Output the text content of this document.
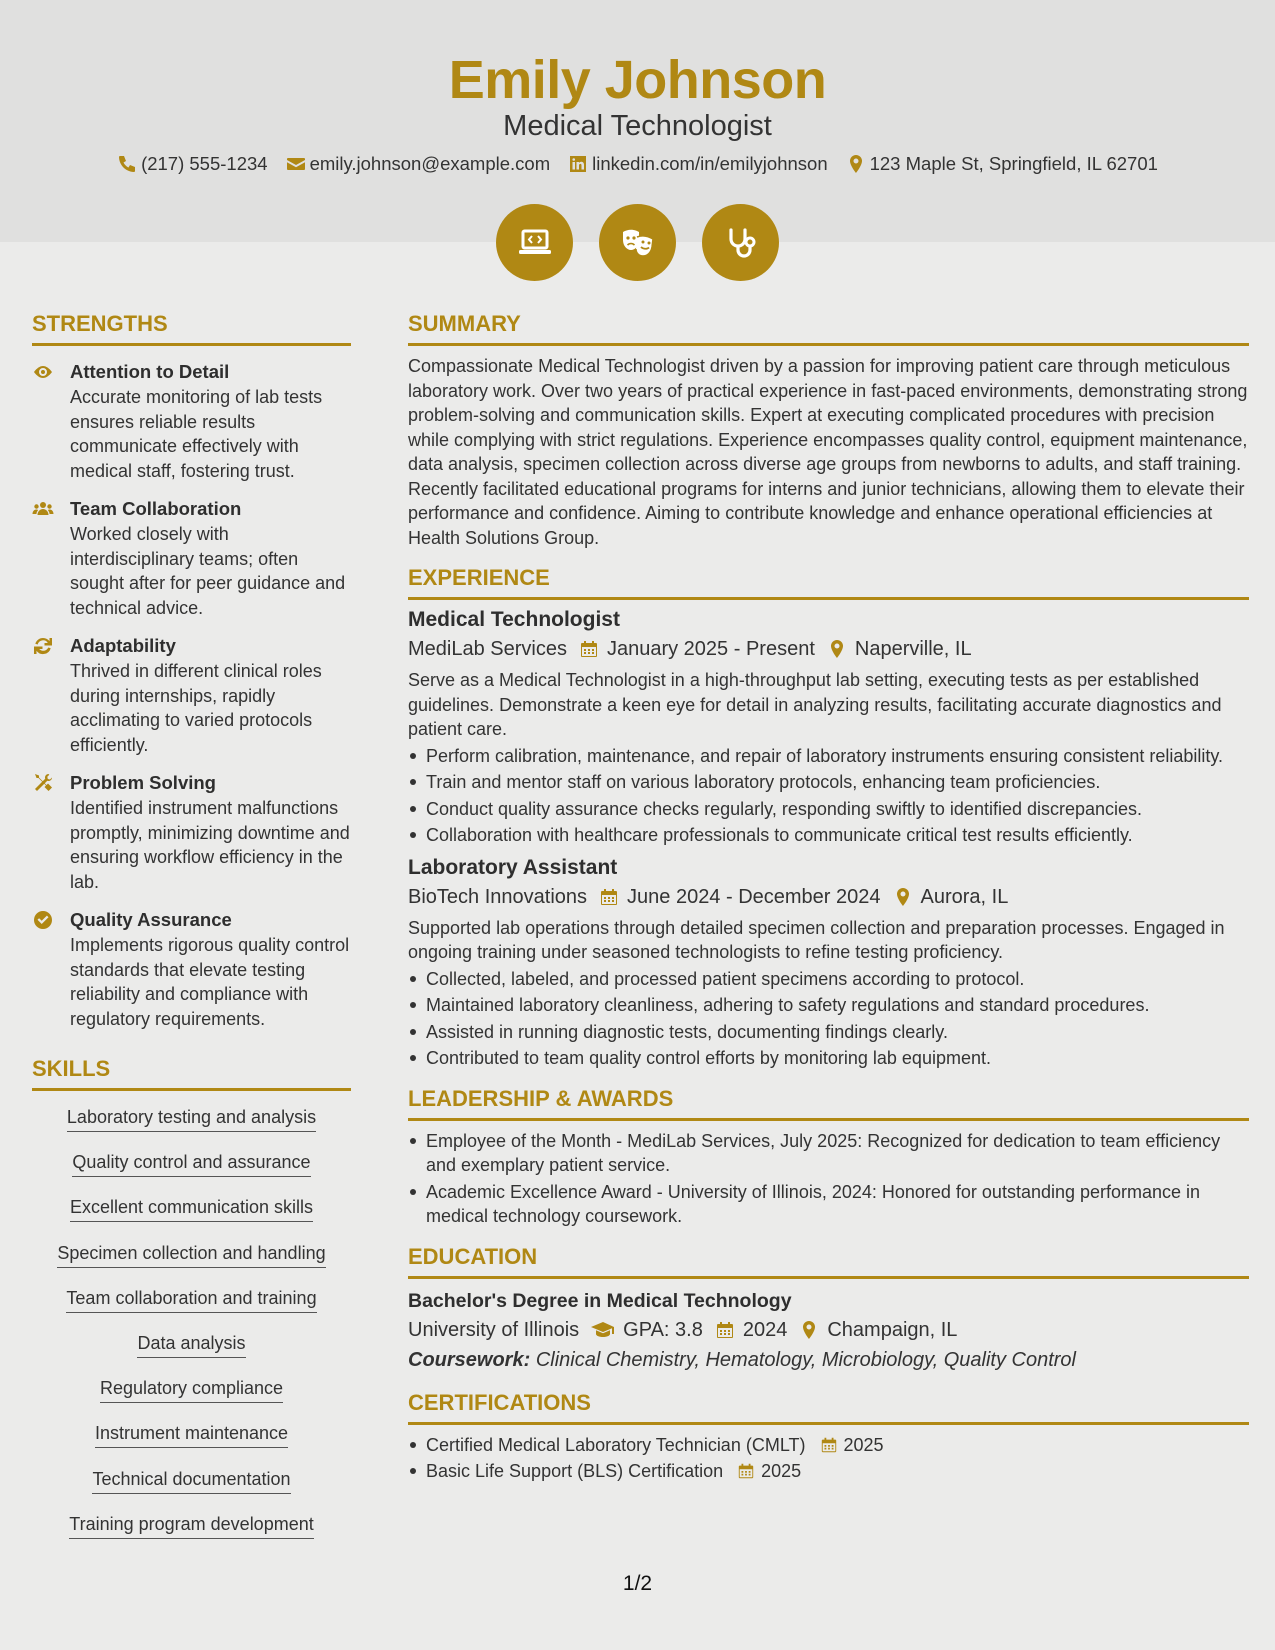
Emily Johnson
Medical Technologist
(217) 555-1234 emily.johnson@example.com linkedin.com/in/emilyjohnson 123 Maple St, Springfield, IL 62701
STRENGTHS
Attention to Detail
Accurate monitoring of lab tests ensures reliable results communicate effectively with medical staff, fostering trust.
Team Collaboration
Worked closely with interdisciplinary teams; often sought after for peer guidance and technical advice.
Adaptability
Thrived in different clinical roles during internships, rapidly acclimating to varied protocols efficiently.
Problem Solving
Identified instrument malfunctions promptly, minimizing downtime and ensuring workflow efficiency in the lab.
Quality Assurance
Implements rigorous quality control standards that elevate testing reliability and compliance with regulatory requirements.
SKILLS
Laboratory testing and analysis
Quality control and assurance
Excellent communication skills
Specimen collection and handling
Team collaboration and training
Data analysis
Regulatory compliance
Instrument maintenance
Technical documentation
Training program development
SUMMARY
Compassionate Medical Technologist driven by a passion for improving patient care through meticulous laboratory work. Over two years of practical experience in fast-paced environments, demonstrating strong problem-solving and communication skills. Expert at executing complicated procedures with precision while complying with strict regulations. Experience encompasses quality control, equipment maintenance, data analysis, specimen collection across diverse age groups from newborns to adults, and staff training. Recently facilitated educational programs for interns and junior technicians, allowing them to elevate their performance and confidence. Aiming to contribute knowledge and enhance operational efficiencies at Health Solutions Group.
EXPERIENCE
Medical Technologist
MediLab Services January 2025 - Present Naperville, IL
Serve as a Medical Technologist in a high-throughput lab setting, executing tests as per established guidelines. Demonstrate a keen eye for detail in analyzing results, facilitating accurate diagnostics and patient care.
Perform calibration, maintenance, and repair of laboratory instruments ensuring consistent reliability.
Train and mentor staff on various laboratory protocols, enhancing team proficiencies.
Conduct quality assurance checks regularly, responding swiftly to identified discrepancies.
Collaboration with healthcare professionals to communicate critical test results efficiently.
Laboratory Assistant
BioTech Innovations June 2024 - December 2024 Aurora, IL
Supported lab operations through detailed specimen collection and preparation processes. Engaged in ongoing training under seasoned technologists to refine testing proficiency.
Collected, labeled, and processed patient specimens according to protocol.
Maintained laboratory cleanliness, adhering to safety regulations and standard procedures.
Assisted in running diagnostic tests, documenting findings clearly.
Contributed to team quality control efforts by monitoring lab equipment.
LEADERSHIP & AWARDS
Employee of the Month - MediLab Services, July 2025: Recognized for dedication to team efficiency and exemplary patient service.
Academic Excellence Award - University of Illinois, 2024: Honored for outstanding performance in medical technology coursework.
EDUCATION
Bachelor's Degree in Medical Technology
University of Illinois GPA: 3.8 2024 Champaign, IL
Coursework: Clinical Chemistry, Hematology, Microbiology, Quality Control
CERTIFICATIONS
Certified Medical Laboratory Technician (CMLT) 2025
Basic Life Support (BLS) Certification 2025
1/2
